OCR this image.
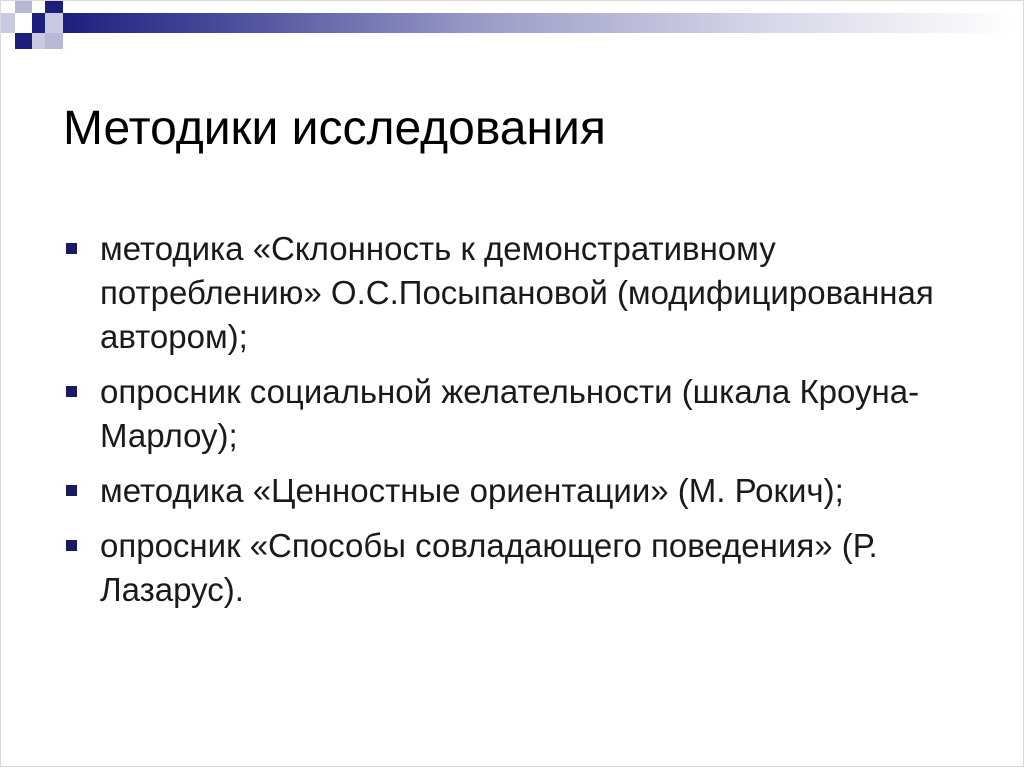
Методики исследования
методика «Склонность к демонстративному потреблению» О.С.Посыпановой (модифицированная автором);
опросник социальной желательности (шкала Кроуна-Марлоу);
методика «Ценностные ориентации» (М. Рокич);
опросник «Способы совладающего поведения» (Р. Лазарус).
